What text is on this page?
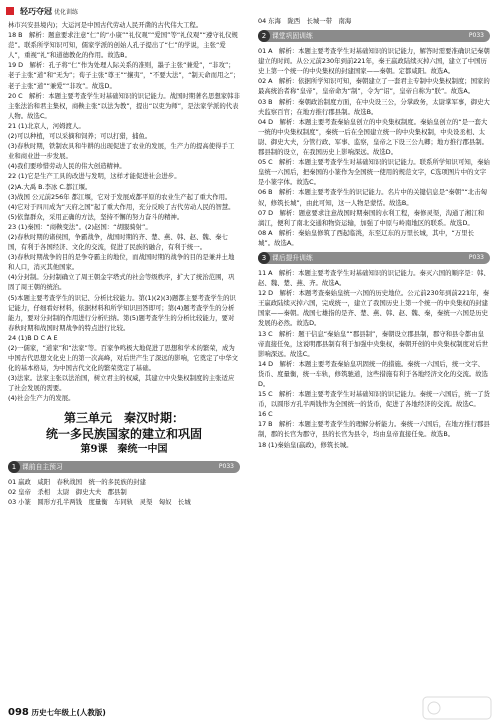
轻巧夺冠 优化训练

林市兴安县境内)；大运河是中国古代劳动人民开凿的古代伟大工程。

18 B　解析：题意要求注意“仁”的“小康”“礼仪观”“爱国”等“礼仪观”“遵守礼仪规范”。联系所学知识可知，儒家学派的创始人孔子提出了“仁”的学说，主张“爱人”，重视“礼”和道德教化的作用。故选B。

19 D　解析：孔子将“仁”作为处理人际关系的准则，墨子主张“兼爱”，“非攻”；老子主张“道”和“无为”；荀子主张“尊王”“攘夷”，“不要大法”，“制天命而用之”；老子主张“道”“兼爱”“非攻”。故选D。

20 C　解析：本题主要考查学生对基础知识的识记能力。战国时期著名思想家韩非主张法治和君主集权，商鞅主张“以法为教”，提出“以吏为师”，是法家学派的代表人物。故选C。

21 (1)北京人，河姆渡人。

(2)可以种植，可以采摘和饲养；可以打猎，捕鱼。

(3)春秋时期，铁制农具和牛耕的出现促进了农业的发展，生产力的提高使得手工业和商业进一步发展。

(4)我们要珍惜劳动人民的伟大创造精神。

22 (1)它是生产工具的改进与发明，这样才能促进社会进步。

(2)A.大禹 B.李冰 C.都江堰。

(3)战国 公元前256年 都江堰，它对于发展成都平原的农业生产起了重大作用。

(4)它对于四川成为“天府之国”起了重大作用，充分反映了古代劳动人民的智慧。

(5)依靠群众，采用正确的方法，坚持不懈的努力奋斗的精神。

23 (1)秦国：“商鞅变法”。(2)赵国：“胡服骑射”。

(2)春秋时期的诸侯国，争霸战争，战国时期的齐、楚、燕、韩、赵、魏、秦七国，有利于各国经济、文化的交流，促进了民族的融合，有利于统一。

(3)春秋时期战争的目的是争夺霸主的地位，而战国时期的战争的目的是兼并土地和人口，消灭其他国家。

(4)分封制。分封制确立了周王朝金字塔式的社会等级秩序，扩大了统治范围，巩固了周王朝的统治。

(5)本题主要考查学生的识记、分析比较能力。第(1)(2)(3)题都主要考查学生的识记能力，仔细看好材料，依据材料和所学知识回答即可；第(4)题考查学生的分析能力，要对分封制的作用进行分析归纳。第(5)题考查学生的分析比较能力，要对春秋时期和战国时期战争的特点进行比较。

24 (1)B D C A E

(2)一儒家，“道家”和“法家”等。百家争鸣极大地促进了思想和学术的繁荣，成为中国古代思想文化史上的第一次高峰，对后世产生了深远的影响，它奠定了中华文化的基本格局，为中国古代文化的繁荣奠定了基础。

(3)法家。法家主张以法治国，树立君主的权威，其建立中央集权制度的主张适应了社会发展的需要。

(4)社会生产力的发展。

第三单元　秦汉时期：
统一多民族国家的建立和巩固
第9课　秦统一中国
1 课前自主预习	P033

01 嬴政　咸阳　春秋战国　统一的多民族的封建

02 皇帝　杀相　太尉　御史大夫　郡县制

03 小篆　圆形方孔半两钱　度量衡　车同轨　灵渠　匈奴　长城

04 东海　陇西　长城一带　南海

2 课堂巩固训练	P033

01 A　解析：本题主要考查学生对基础知识的识记能力，解答时需要准确识记秦朝建立的时间。从公元前230年到前221年，秦王嬴政陆续灭掉六国，建立了中国历史上第一个统一的中央集权的封建国家——秦朝。定都咸阳。故选A。

02 A　解析：依据所学知识可知，秦朝建立了一套君主专制中央集权制度；国家的最高统治者称“皇帝”，皇帝命为“制”，令为“诏”，皇帝自称为“朕”。故选A。

03 B　解析：秦朝政治制度方面，在中央设三公，分掌政务，太尉掌军事，御史大夫监察百官；在地方推行郡县制。故选B。

04 D　解析：本题主要考查秦始皇创立的中央集权制度。秦始皇创立的“是一套大一统的中央集权制度”，秦统一后在全国建立统一的中央集权制，中央设丞相、太尉、御史大夫，分管行政、军事、监察，皇帝之下设三公九卿；地方推行郡县制。郡县制的设立，在我国历史上影响深远。故选D。

05 C　解析：本题主要考查学生对基础知识的识记能力。联系所学知识可知，秦始皇统一六国后，把秦国的小篆作为全国统一使用的规范文字，C选项图片中的文字是小篆字体。故选C。

06 B　解析：本题主要考查学生的识记能力。名片中的关键信息是“秦朝”“北击匈奴，修筑长城”，由此可知，这一人物是蒙恬。故选B。

07 D　解析：题意要求注意战国时期秦国的水利工程，秦修灵渠，沟通了湘江和漓江，便利了南北交通和物资运输，加强了中原与岭南地区的联系。故选D。

08 A　解析：秦始皇修筑了西起临洮，东至辽东的万里长城，其中，“万里长城”。故选A。

3 课后提升训练	P033

11 A　解析：本题主要考查学生对基础知识的识记能力。秦灭六国的顺序是：韩、赵、魏、楚、燕、齐。故选A。

12 D　解析：本题考查秦始皇统一六国的历史地位。公元前230年到前221年，秦王嬴政陆续灭掉六国，完成统一，建立了我国历史上第一个统一的中央集权的封建国家——秦朝。战国七雄指的是齐、楚、燕、韩、赵、魏、秦，秦统一六国是历史发展的必然。故选D。

13 C　解析：题干信息“秦始皇”“郡县制”，秦朝设立郡县制，郡守和县令都由皇帝直接任免，这说明郡县制有利于加强中央集权，秦朝开创的中央集权制度对后世影响深远。故选C。

14 D　解析：本题主要考查秦始皇巩固统一的措施。秦统一六国后，统一文字、货币、度量衡，统一车轨，修筑驰道，这些措施有利于各地经济文化的交流。故选D。

15 C　解析：本题主要考查学生对基础知识的识记能力。秦统一六国后，统一了货币，以圆形方孔半两钱作为全国统一的货币，促进了各地经济的交流。故选C。

16 C

17 B　解析：本题主要考查学生的理解分析能力。秦统一六国后，在地方推行郡县制，郡的长官为郡守，县的长官为县令，均由皇帝直接任免。故选B。

18 (1)秦始皇(嬴政)，修筑长城。

098 历史七年级上(人教版)
